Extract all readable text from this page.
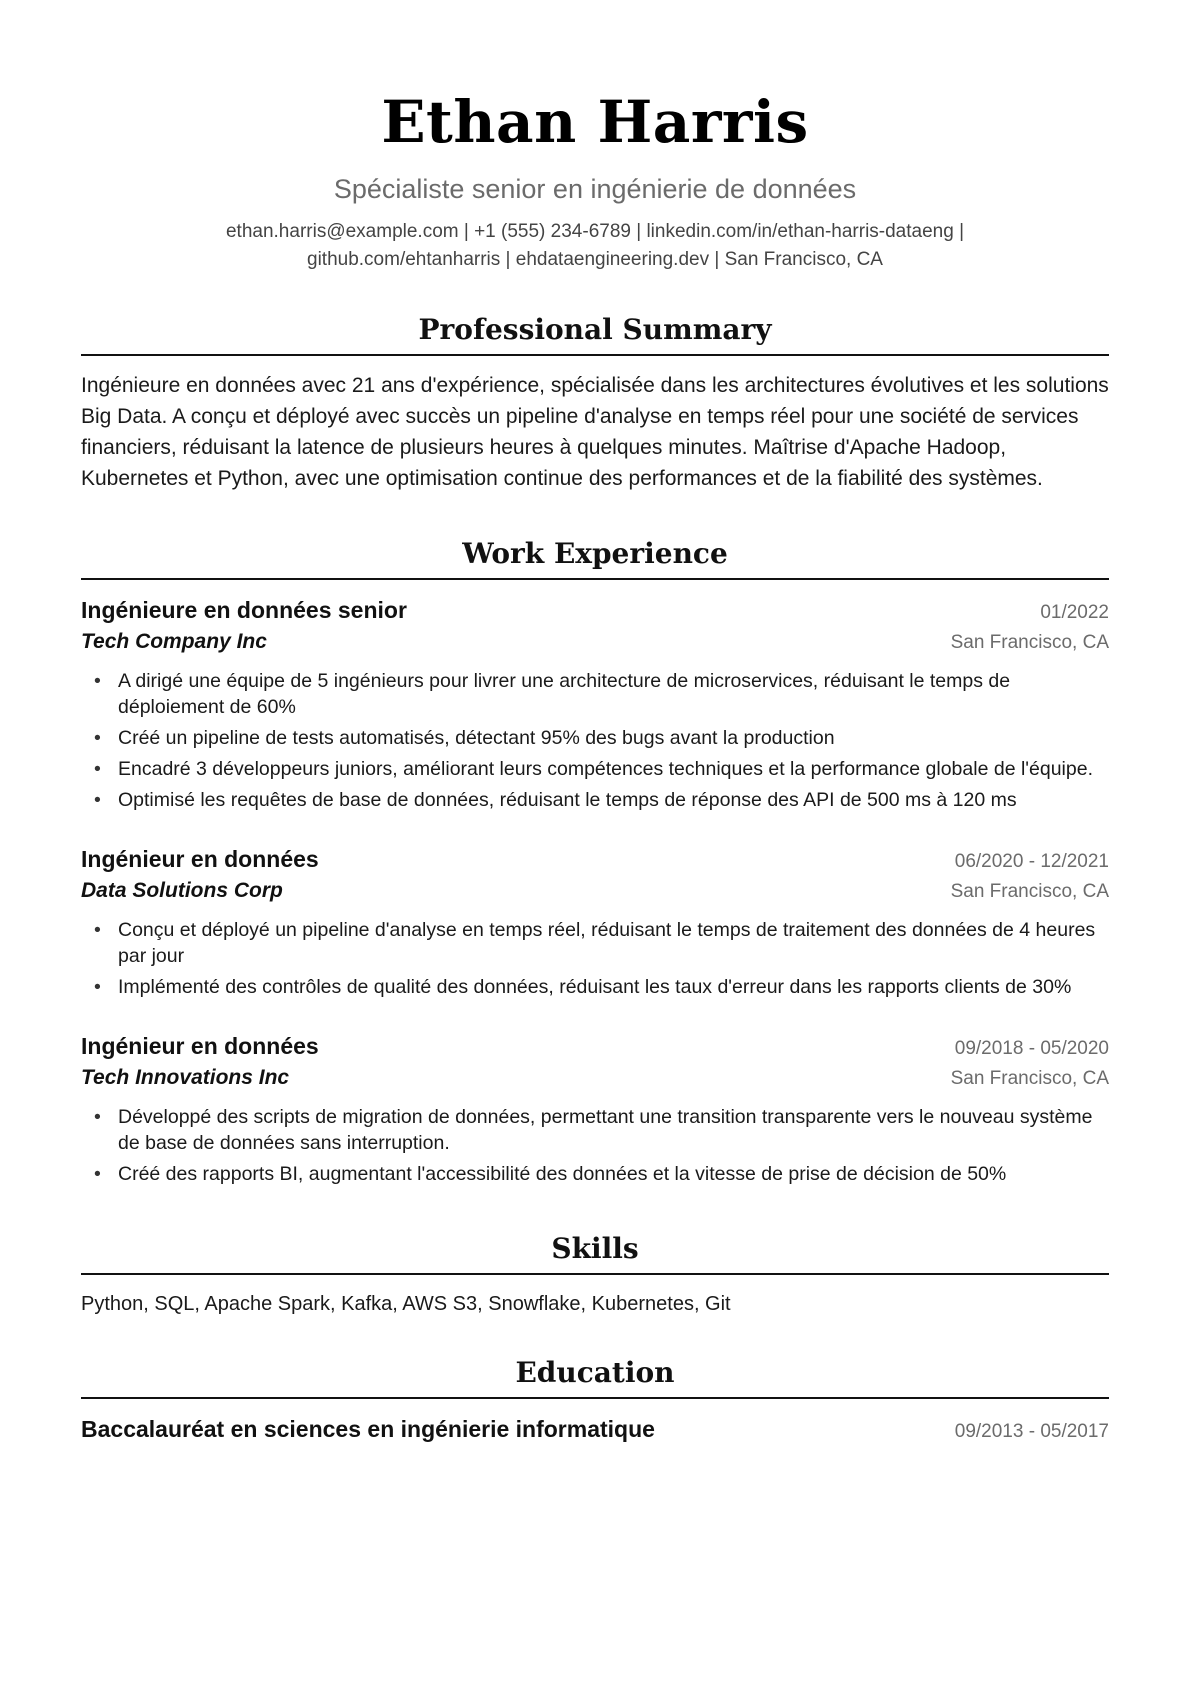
Ethan Harris
Spécialiste senior en ingénierie de données
ethan.harris@example.com | +1 (555) 234-6789 | linkedin.com/in/ethan-harris-dataeng |
github.com/ehtanharris | ehdataengineering.dev | San Francisco, CA
Professional Summary
Ingénieure en données avec 21 ans d'expérience, spécialisée dans les architectures évolutives et les solutions Big Data. A conçu et déployé avec succès un pipeline d'analyse en temps réel pour une société de services financiers, réduisant la latence de plusieurs heures à quelques minutes. Maîtrise d'Apache Hadoop, Kubernetes et Python, avec une optimisation continue des performances et de la fiabilité des systèmes.
Work Experience
Ingénieure en données senior	01/2022
Tech Company Inc	San Francisco, CA
• A dirigé une équipe de 5 ingénieurs pour livrer une architecture de microservices, réduisant le temps de déploiement de 60%
• Créé un pipeline de tests automatisés, détectant 95% des bugs avant la production
• Encadré 3 développeurs juniors, améliorant leurs compétences techniques et la performance globale de l'équipe.
• Optimisé les requêtes de base de données, réduisant le temps de réponse des API de 500 ms à 120 ms
Ingénieur en données	06/2020 - 12/2021
Data Solutions Corp	San Francisco, CA
• Conçu et déployé un pipeline d'analyse en temps réel, réduisant le temps de traitement des données de 4 heures par jour
• Implémenté des contrôles de qualité des données, réduisant les taux d'erreur dans les rapports clients de 30%
Ingénieur en données	09/2018 - 05/2020
Tech Innovations Inc	San Francisco, CA
• Développé des scripts de migration de données, permettant une transition transparente vers le nouveau système de base de données sans interruption.
• Créé des rapports BI, augmentant l'accessibilité des données et la vitesse de prise de décision de 50%
Skills
Python, SQL, Apache Spark, Kafka, AWS S3, Snowflake, Kubernetes, Git
Education
Baccalauréat en sciences en ingénierie informatique	09/2013 - 05/2017
